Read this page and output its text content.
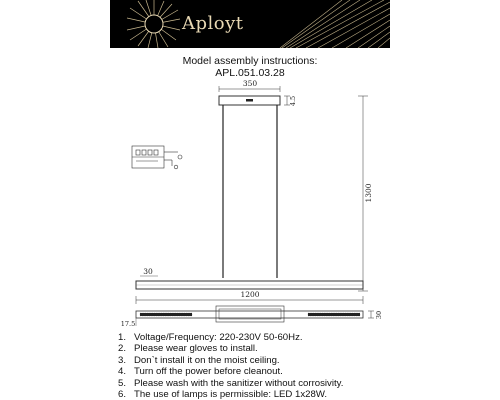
Aployt
Model assembly instructions:
APL.051.03.28
350
4.5
1300
30
1200
30
17.5
1. Voltage/Frequency: 220-230V 50-60Hz.
2. Please wear gloves to install.
3. Don`t install it on the moist ceiling.
4. Turn off the power before cleanout.
5. Please wash with the sanitizer without corrosivity.
6. The use of lamps is permissible: LED 1x28W.
